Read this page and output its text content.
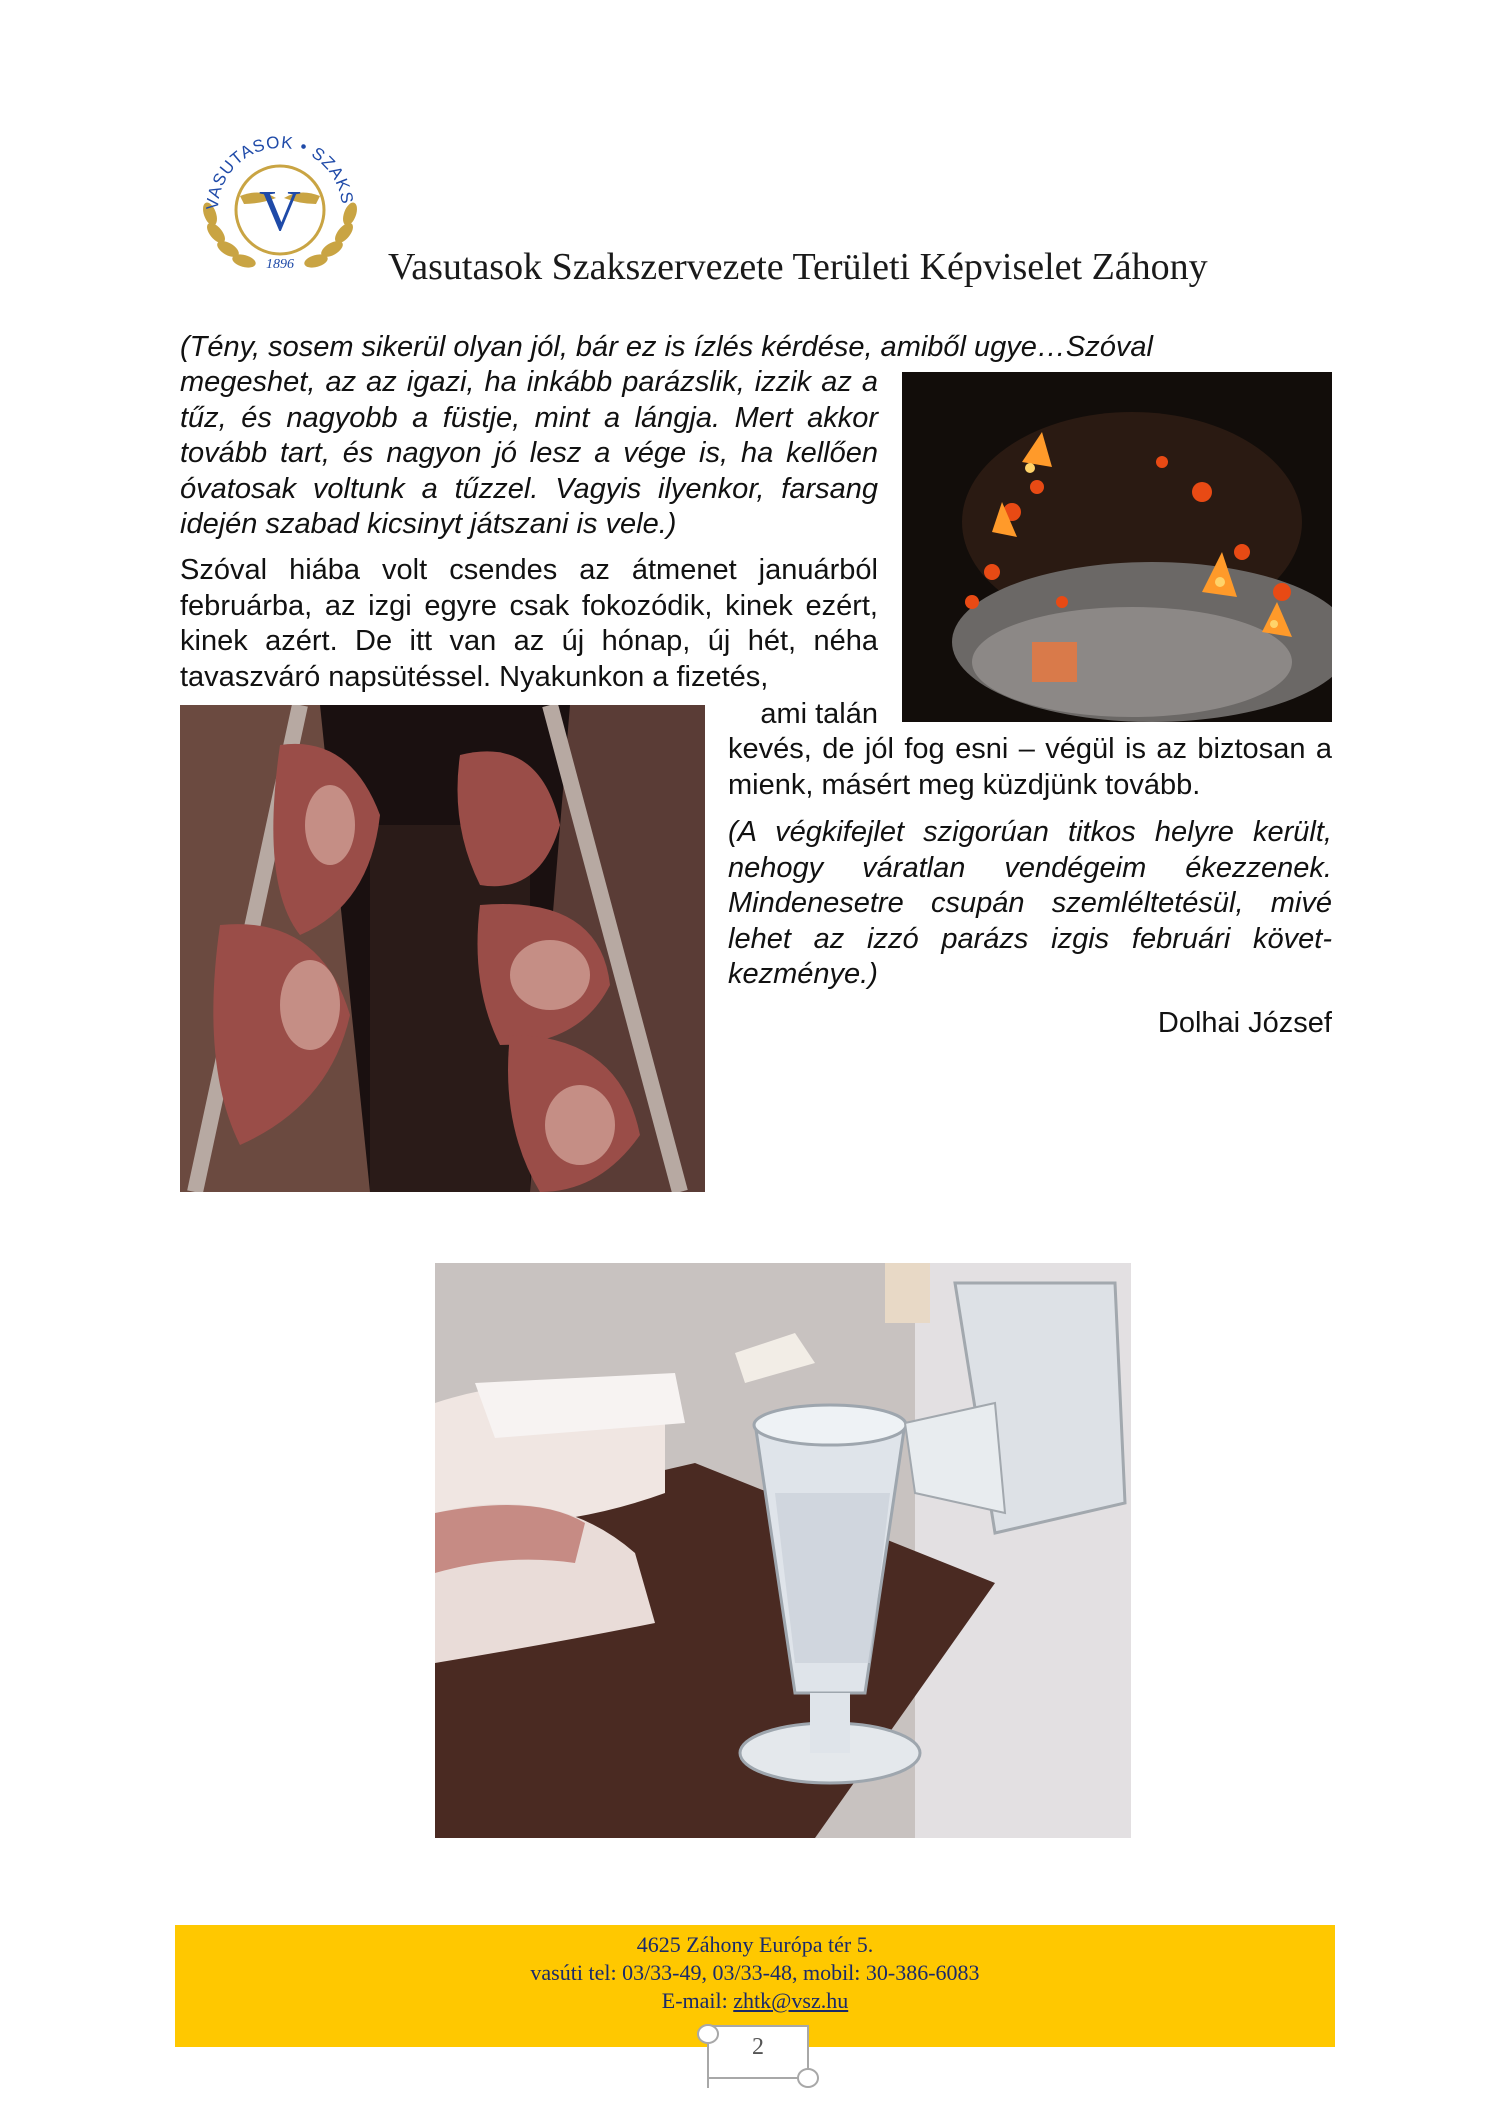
VASUTASOK • SZAKS
V
1896 Vasutasok Szakszervezete Területi Képviselet Záhony
(Tény, sosem sikerül olyan jól, bár ez is ízlés kérdése, amiből ugye…Szóval

megeshet, az az igazi, ha inkább parázslik, izzik az a tűz, és nagyobb a füstje, mint a lángja. Mert akkor tovább tart, és nagyon jó lesz a vége is, ha kellően óvatosak voltunk a tűzzel. Vagyis ilyenkor, farsang idején szabad kicsinyt játszani is vele.)

Szóval hiába volt csendes az átmenet januárból februárba, az izgi egyre csak fokozódik, kinek ezért, kinek azért. De itt van az új hónap, új hét, néha tavaszváró napsütéssel. Nyakunkon a fizetés,

ami talán

kevés, de jól fog esni – végül is az biztosan a mienk, másért meg küzdjünk tovább.

(A végkifejlet szigorúan titkos helyre került, nehogy váratlan vendégeim ékezzenek. Mindenesetre csupán szemléltetésül, mivé lehet az izzó parázs izgis februári követ-kezménye.)

Dolhai József
4625 Záhony Európa tér 5.
vasúti tel: 03/33-49, 03/33-48, mobil: 30-386-6083
E-mail: zhtk@vsz.hu
2
